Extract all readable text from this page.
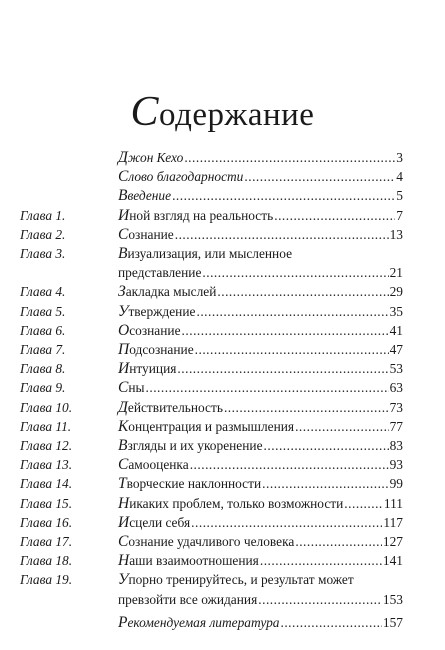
Содержание
Джон Кехо .....	3
Слово благодарности .....	4
Введение .....	5
Глава 1.	Иной взгляд на реальность .....	7
Глава 2.	Сознание .....	13
Глава 3.	Визуализация, или мысленное
представление .....	21
Глава 4.	Закладка мыслей .....	29
Глава 5.	Утверждение .....	35
Глава 6.	Осознание .....	41
Глава 7.	Подсознание .....	47
Глава 8.	Интуиция .....	53
Глава 9.	Сны .....	63
Глава 10.	Действительность .....	73
Глава 11.	Концентрация и размышления .....	77
Глава 12.	Взгляды и их укоренение .....	83
Глава 13.	Самооценка .....	93
Глава 14.	Творческие наклонности .....	99
Глава 15.	Никаких проблем, только возможности .....	111
Глава 16.	Исцели себя .....	117
Глава 17.	Сознание удачливого человека .....	127
Глава 18.	Наши взаимоотношения .....	141
Глава 19.	Упорно тренируйтесь, и результат может
превзойти все ожидания .....	153
Рекомендуемая литература .....	157
